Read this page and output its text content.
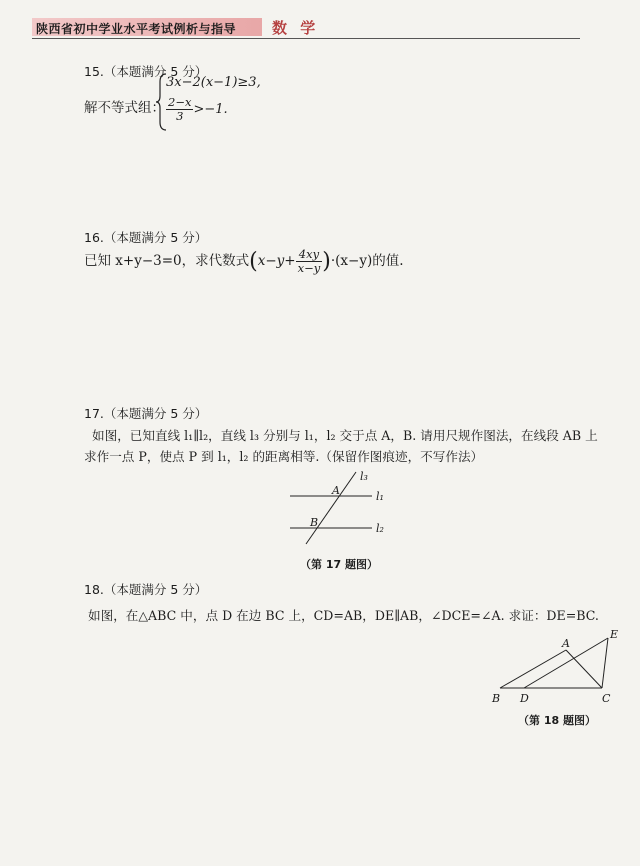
陕西省初中学业水平考试例析与指导 数 学
15.（本题满分 5 分）
解不等式组：
3x−2(x−1)≥3,
$\frac{2-x}{3} >-1$.
16.（本题满分 5 分）
已知 x+y−3=0，求代数式$(x-y+ \frac{4xy}{x-y} )\cdot(x-y)$的值.
17.（本题满分 5 分）
如图，已知直线 l₁∥l₂，直线 l₃ 分别与 l₁，l₂ 交于点 A，B. 请用尺规作图法，在线段 AB 上
求作一点 P，使点 P 到 l₁，l₂ 的距离相等.（保留作图痕迹，不写作法）
l₃
l₁
l₂
A
B
（第 17 题图）
18.（本题满分 5 分）
如图，在△ABC 中，点 D 在边 BC 上，CD=AB，DE∥AB，∠DCE=∠A. 求证：DE=BC.
A
B	C
D
E
（第 18 题图）
